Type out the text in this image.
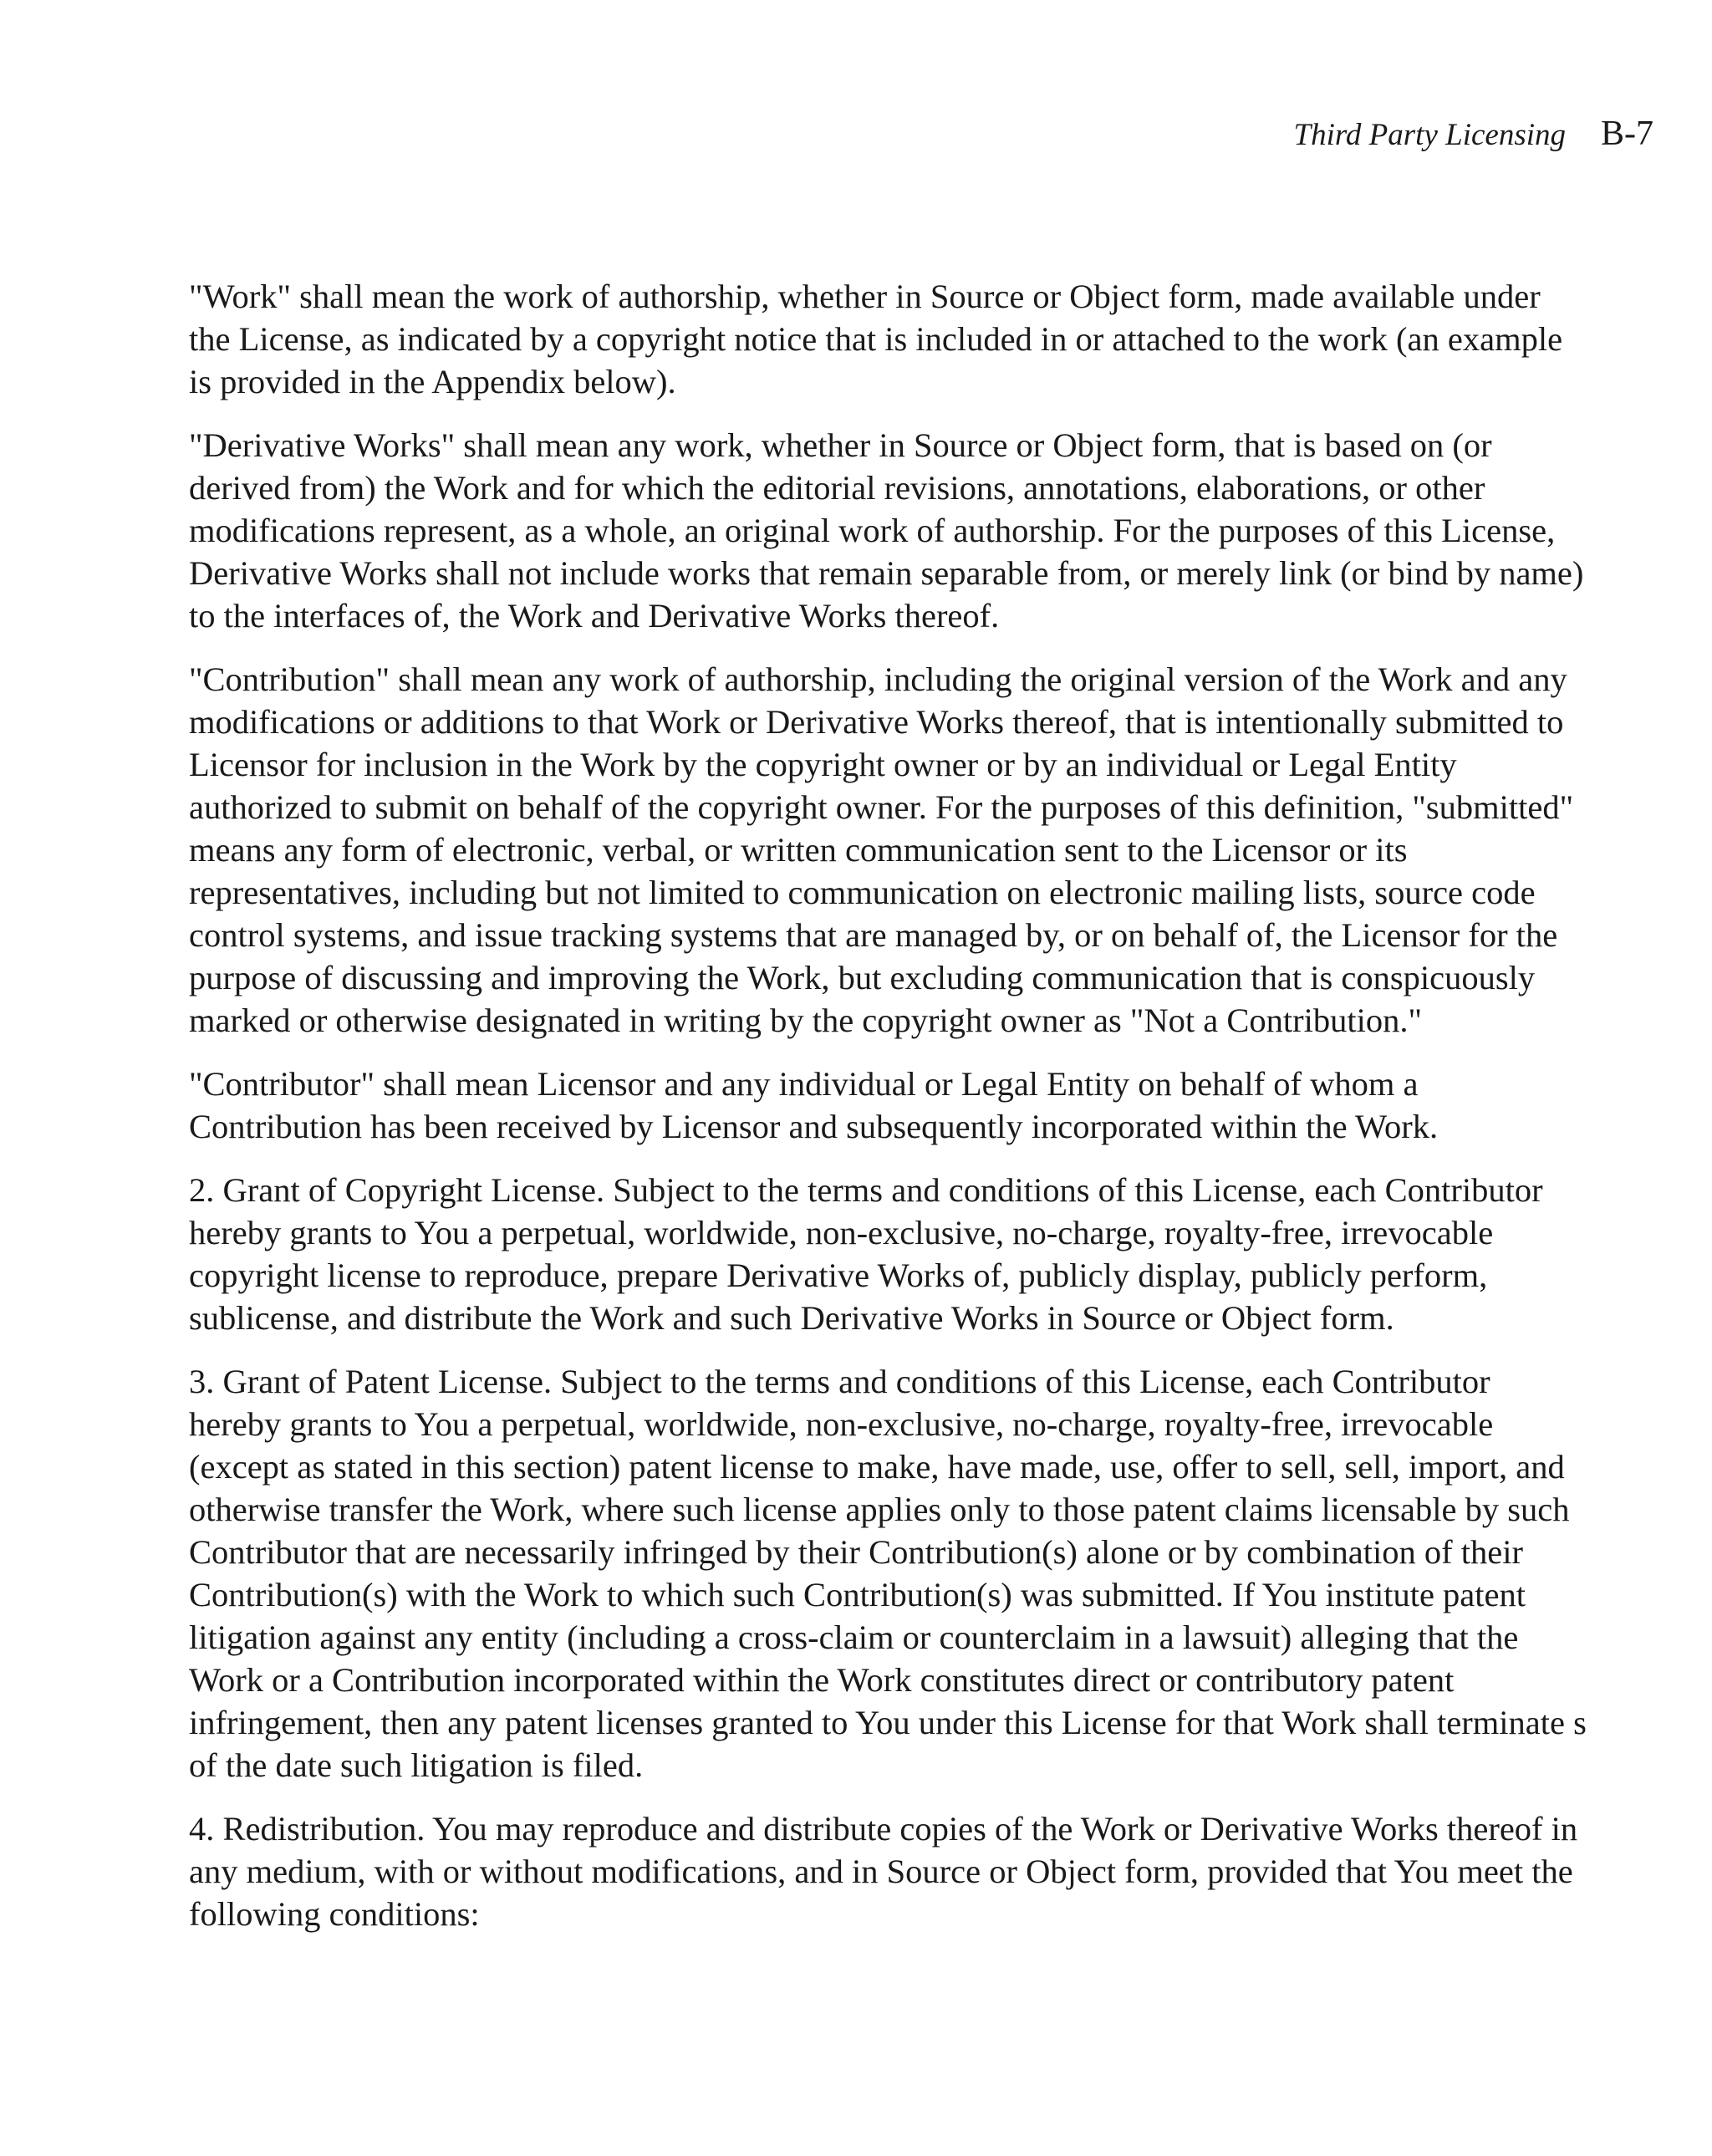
Third Party Licensing B-7

"Work" shall mean the work of authorship, whether in Source or Object form, made available under the License, as indicated by a copyright notice that is included in or attached to the work (an example is provided in the Appendix below).

"Derivative Works" shall mean any work, whether in Source or Object form, that is based on (or derived from) the Work and for which the editorial revisions, annotations, elaborations, or other modifications represent, as a whole, an original work of authorship. For the purposes of this License, Derivative Works shall not include works that remain separable from, or merely link (or bind by name) to the interfaces of, the Work and Derivative Works thereof.

"Contribution" shall mean any work of authorship, including the original version of the Work and any modifications or additions to that Work or Derivative Works thereof, that is intentionally submitted to Licensor for inclusion in the Work by the copyright owner or by an individual or Legal Entity authorized to submit on behalf of the copyright owner. For the purposes of this definition, "submitted" means any form of electronic, verbal, or written communication sent to the Licensor or its representatives, including but not limited to communication on electronic mailing lists, source code control systems, and issue tracking systems that are managed by, or on behalf of, the Licensor for the purpose of discussing and improving the Work, but excluding communication that is conspicuously marked or otherwise designated in writing by the copyright owner as "Not a Contribution."

"Contributor" shall mean Licensor and any individual or Legal Entity on behalf of whom a Contribution has been received by Licensor and subsequently incorporated within the Work.

2. Grant of Copyright License. Subject to the terms and conditions of this License, each Contributor hereby grants to You a perpetual, worldwide, non-exclusive, no-charge, royalty-free, irrevocable copyright license to reproduce, prepare Derivative Works of, publicly display, publicly perform, sublicense, and distribute the Work and such Derivative Works in Source or Object form.

3. Grant of Patent License. Subject to the terms and conditions of this License, each Contributor hereby grants to You a perpetual, worldwide, non-exclusive, no-charge, royalty-free, irrevocable (except as stated in this section) patent license to make, have made, use, offer to sell, sell, import, and otherwise transfer the Work, where such license applies only to those patent claims licensable by such Contributor that are necessarily infringed by their Contribution(s) alone or by combination of their Contribution(s) with the Work to which such Contribution(s) was submitted. If You institute patent litigation against any entity (including a cross-claim or counterclaim in a lawsuit) alleging that the Work or a Contribution incorporated within the Work constitutes direct or contributory patent infringement, then any patent licenses granted to You under this License for that Work shall terminate s of the date such litigation is filed.

4. Redistribution. You may reproduce and distribute copies of the Work or Derivative Works thereof in any medium, with or without modifications, and in Source or Object form, provided that You meet the following conditions:
